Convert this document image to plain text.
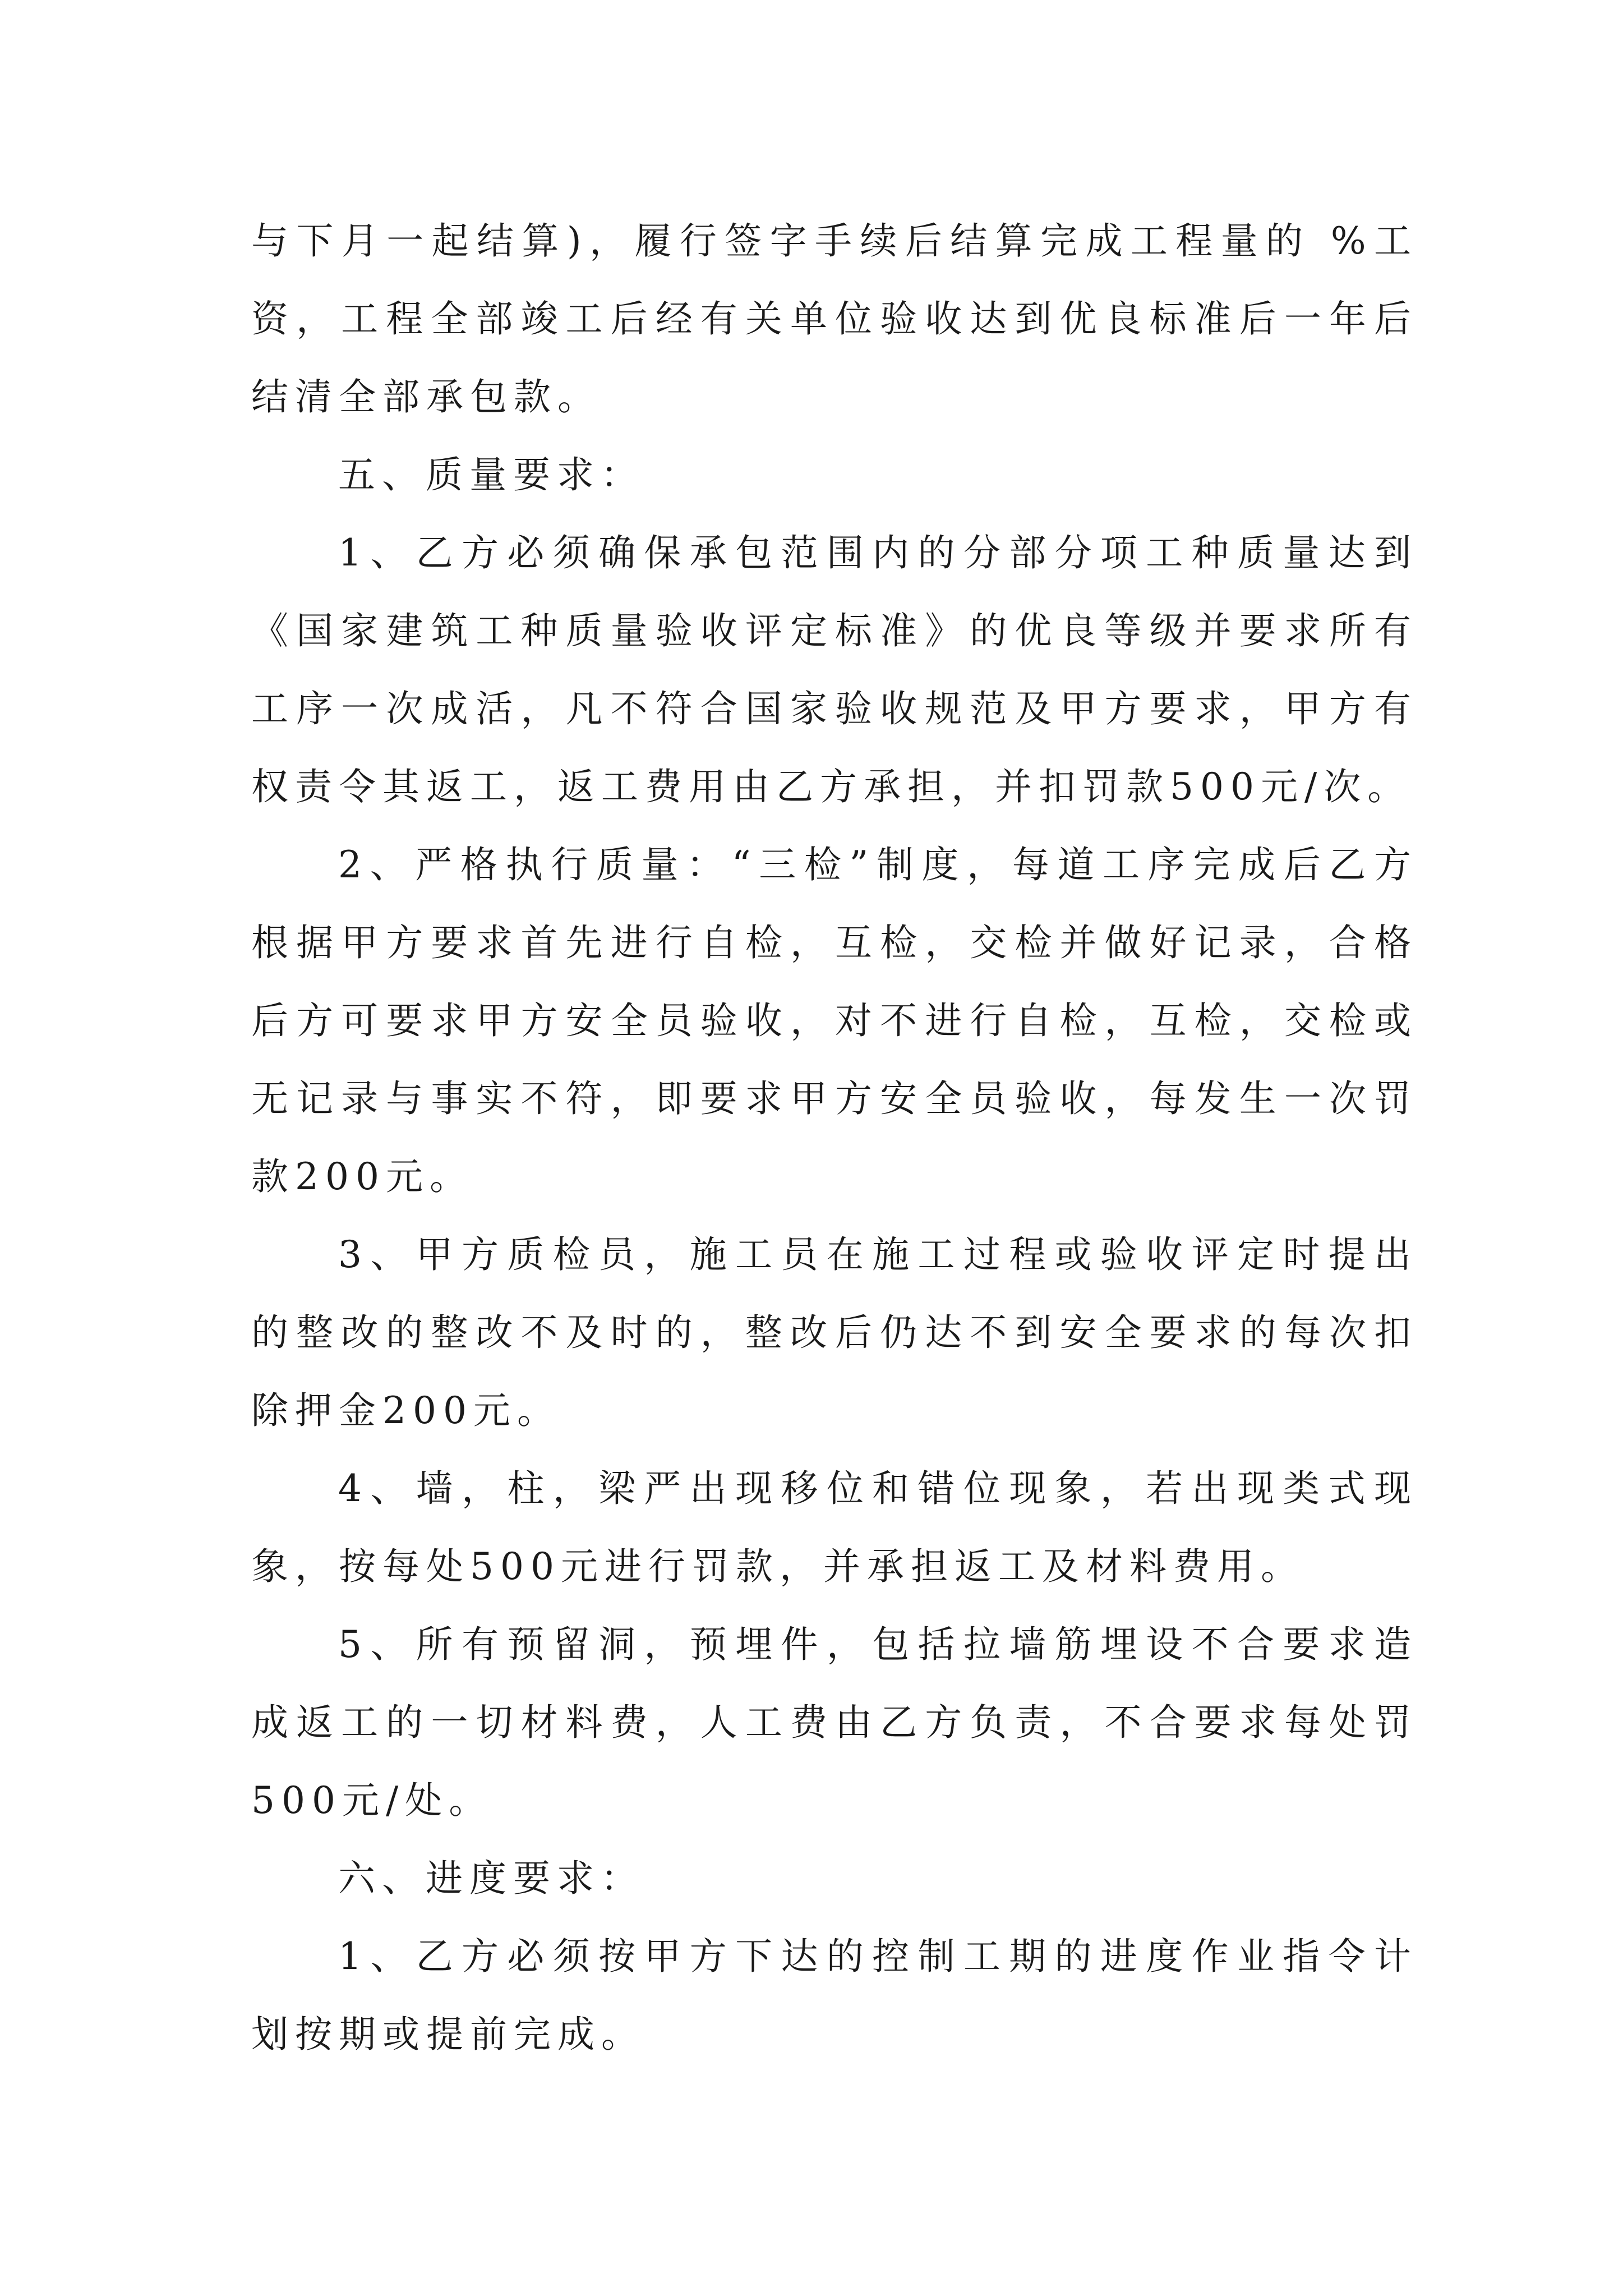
与下月一起结算)，履行签字手续后结算完成工程量的 %工资，工程全部竣工后经有关单位验收达到优良标准后一年后结清全部承包款。

五、质量要求：

1、乙方必须确保承包范围内的分部分项工种质量达到《国家建筑工种质量验收评定标准》的优良等级并要求所有工序一次成活，凡不符合国家验收规范及甲方要求，甲方有权责令其返工，返工费用由乙方承担，并扣罚款500元/次。

2、严格执行质量：“三检”制度，每道工序完成后乙方根据甲方要求首先进行自检，互检，交检并做好记录，合格后方可要求甲方安全员验收，对不进行自检，互检，交检或无记录与事实不符，即要求甲方安全员验收，每发生一次罚款200元。

3、甲方质检员，施工员在施工过程或验收评定时提出的整改的整改不及时的，整改后仍达不到安全要求的每次扣除押金200元。

4、墙，柱，梁严出现移位和错位现象，若出现类式现象，按每处500元进行罚款，并承担返工及材料费用。

5、所有预留洞，预埋件，包括拉墙筋埋设不合要求造成返工的一切材料费，人工费由乙方负责，不合要求每处罚500元/处。

六、进度要求：

1、乙方必须按甲方下达的控制工期的进度作业指令计划按期或提前完成。
